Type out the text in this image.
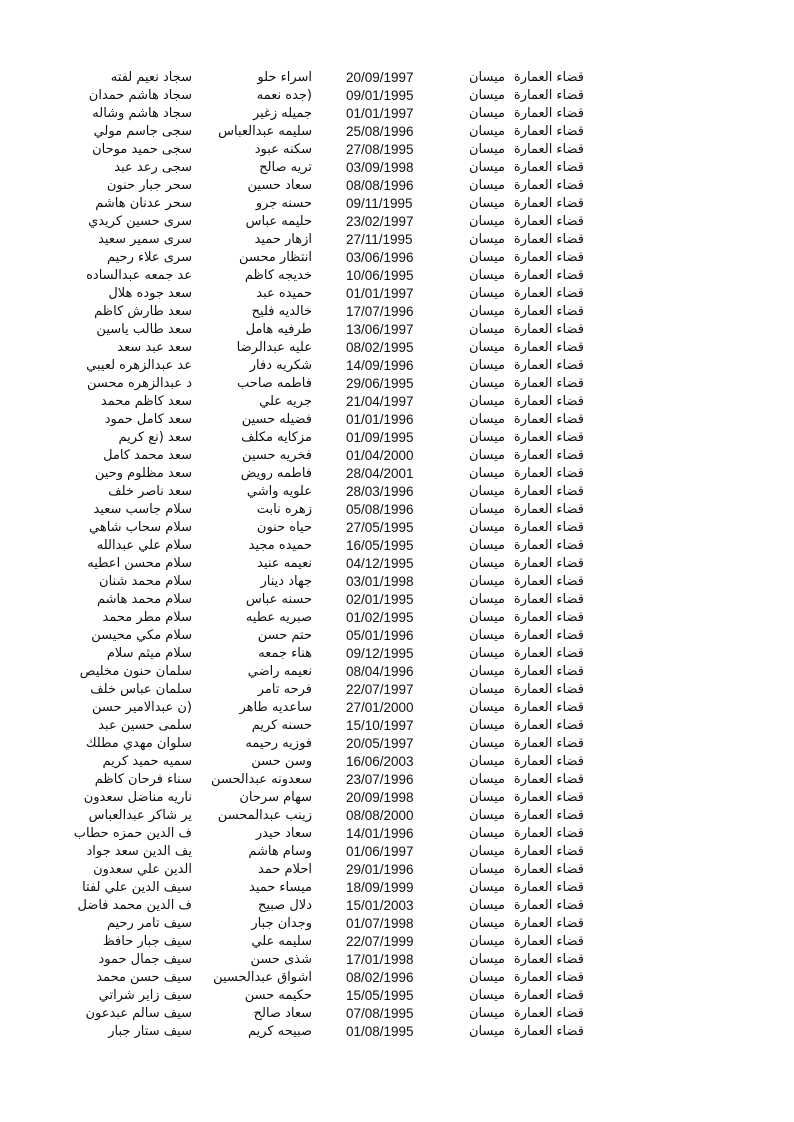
قضاء العمارة
ميسان
20/09/1997
اسراء حلو
سجاد نعيم لفته
قضاء العمارة
ميسان
09/01/1995
(جده نعمه
سجاد هاشم حمدان
قضاء العمارة
ميسان
01/01/1997
جميله زغير
سجاد هاشم وشاله
قضاء العمارة
ميسان
25/08/1996
سليمه عبدالعباس
سجى جاسم مولي
قضاء العمارة
ميسان
27/08/1995
سكنه عبود
سجى حميد موحان
قضاء العمارة
ميسان
03/09/1998
تريه صالح
سجى رعد عبد
قضاء العمارة
ميسان
08/08/1996
سعاد حسين
سحر جبار حنون
قضاء العمارة
ميسان
09/11/1995
حسنه جرو
سحر عدنان هاشم
قضاء العمارة
ميسان
23/02/1997
حليمه عباس
سرى حسين كريدي
قضاء العمارة
ميسان
27/11/1995
ازهار حميد
سرى سمير سعيد
قضاء العمارة
ميسان
03/06/1996
انتظار محسن
سرى علاء رحيم
قضاء العمارة
ميسان
10/06/1995
خديجه كاظم
عد جمعه عبدالساده
قضاء العمارة
ميسان
01/01/1997
حميده عبد
سعد جوده هلال
قضاء العمارة
ميسان
17/07/1996
خالديه فليح
سعد طارش كاظم
قضاء العمارة
ميسان
13/06/1997
طرفيه هامل
سعد طالب ياسين
قضاء العمارة
ميسان
08/02/1995
عليه عبدالرضا
سعد عبد سعد
قضاء العمارة
ميسان
14/09/1996
شكريه دفار
عد عبدالزهره لعيبي
قضاء العمارة
ميسان
29/06/1995
فاطمه صاحب
د عبدالزهره محسن
قضاء العمارة
ميسان
21/04/1997
جريه علي
سعد كاظم محمد
قضاء العمارة
ميسان
01/01/1996
فضيله حسين
سعد كامل حمود
قضاء العمارة
ميسان
01/09/1995
مزكايه مكلف
سعد (نع كريم
قضاء العمارة
ميسان
01/04/2000
فخريه حسين
سعد محمد كامل
قضاء العمارة
ميسان
28/04/2001
فاطمه رويض
سعد مظلوم وحين
قضاء العمارة
ميسان
28/03/1996
علويه واشي
سعد ناصر خلف
قضاء العمارة
ميسان
05/08/1996
زهره نابت
سلام جاسب سعيد
قضاء العمارة
ميسان
27/05/1995
حياه حنون
سلام سحاب شاهي
قضاء العمارة
ميسان
16/05/1995
حميده مجيد
سلام علي عبدالله
قضاء العمارة
ميسان
04/12/1995
نعيمه عنيد
سلام محسن اعطيه
قضاء العمارة
ميسان
03/01/1998
جهاد دينار
سلام محمد شنان
قضاء العمارة
ميسان
02/01/1995
حسنه عباس
سلام محمد هاشم
قضاء العمارة
ميسان
01/02/1995
صبريه عطيه
سلام مطر محمد
قضاء العمارة
ميسان
05/01/1996
حتم حسن
سلام مكي محيسن
قضاء العمارة
ميسان
09/12/1995
هناء جمعه
سلام ميثم سلام
قضاء العمارة
ميسان
08/04/1996
نعيمه راضي
سلمان حنون مخليص
قضاء العمارة
ميسان
22/07/1997
فرحه تامر
سلمان عباس خلف
قضاء العمارة
ميسان
27/01/2000
ساعديه طاهر
(ن عبدالامير حسن
قضاء العمارة
ميسان
15/10/1997
حسنه كريم
سلمى حسين عبد
قضاء العمارة
ميسان
20/05/1997
فوزيه رحيمه
سلوان مهدي مطلك
قضاء العمارة
ميسان
16/06/2003
وسن حسن
سميه حميد كريم
قضاء العمارة
ميسان
23/07/1996
سعدونه عبدالحسن
سناء فرحان كاظم
قضاء العمارة
ميسان
20/09/1998
سهام سرحان
ناريه مناضل سعدون
قضاء العمارة
ميسان
08/08/2000
زينب عبدالمحسن
ير شاكر عبدالعباس
قضاء العمارة
ميسان
14/01/1996
سعاد حيدر
ف الدين حمزه حطاب
قضاء العمارة
ميسان
01/06/1997
وسام هاشم
يف الدين سعد جواد
قضاء العمارة
ميسان
29/01/1996
احلام حمد
الدين علي سعدون
قضاء العمارة
ميسان
18/09/1999
ميساء حميد
سيف الدين علي لفتا
قضاء العمارة
ميسان
15/01/2003
دلال صبيح
ف الدين محمد فاضل
قضاء العمارة
ميسان
01/07/1998
وجدان جبار
سيف تامر رحيم
قضاء العمارة
ميسان
22/07/1999
سليمه علي
سيف جبار حافظ
قضاء العمارة
ميسان
17/01/1998
شذى حسن
سيف جمال حمود
قضاء العمارة
ميسان
08/02/1996
اشواق عبدالحسين
سيف حسن محمد
قضاء العمارة
ميسان
15/05/1995
حكيمه حسن
سيف زاير شراتي
قضاء العمارة
ميسان
07/08/1995
سعاد صالح
سيف سالم عبدعون
قضاء العمارة
ميسان
01/08/1995
صبيحه كريم
سيف ستار جبار
